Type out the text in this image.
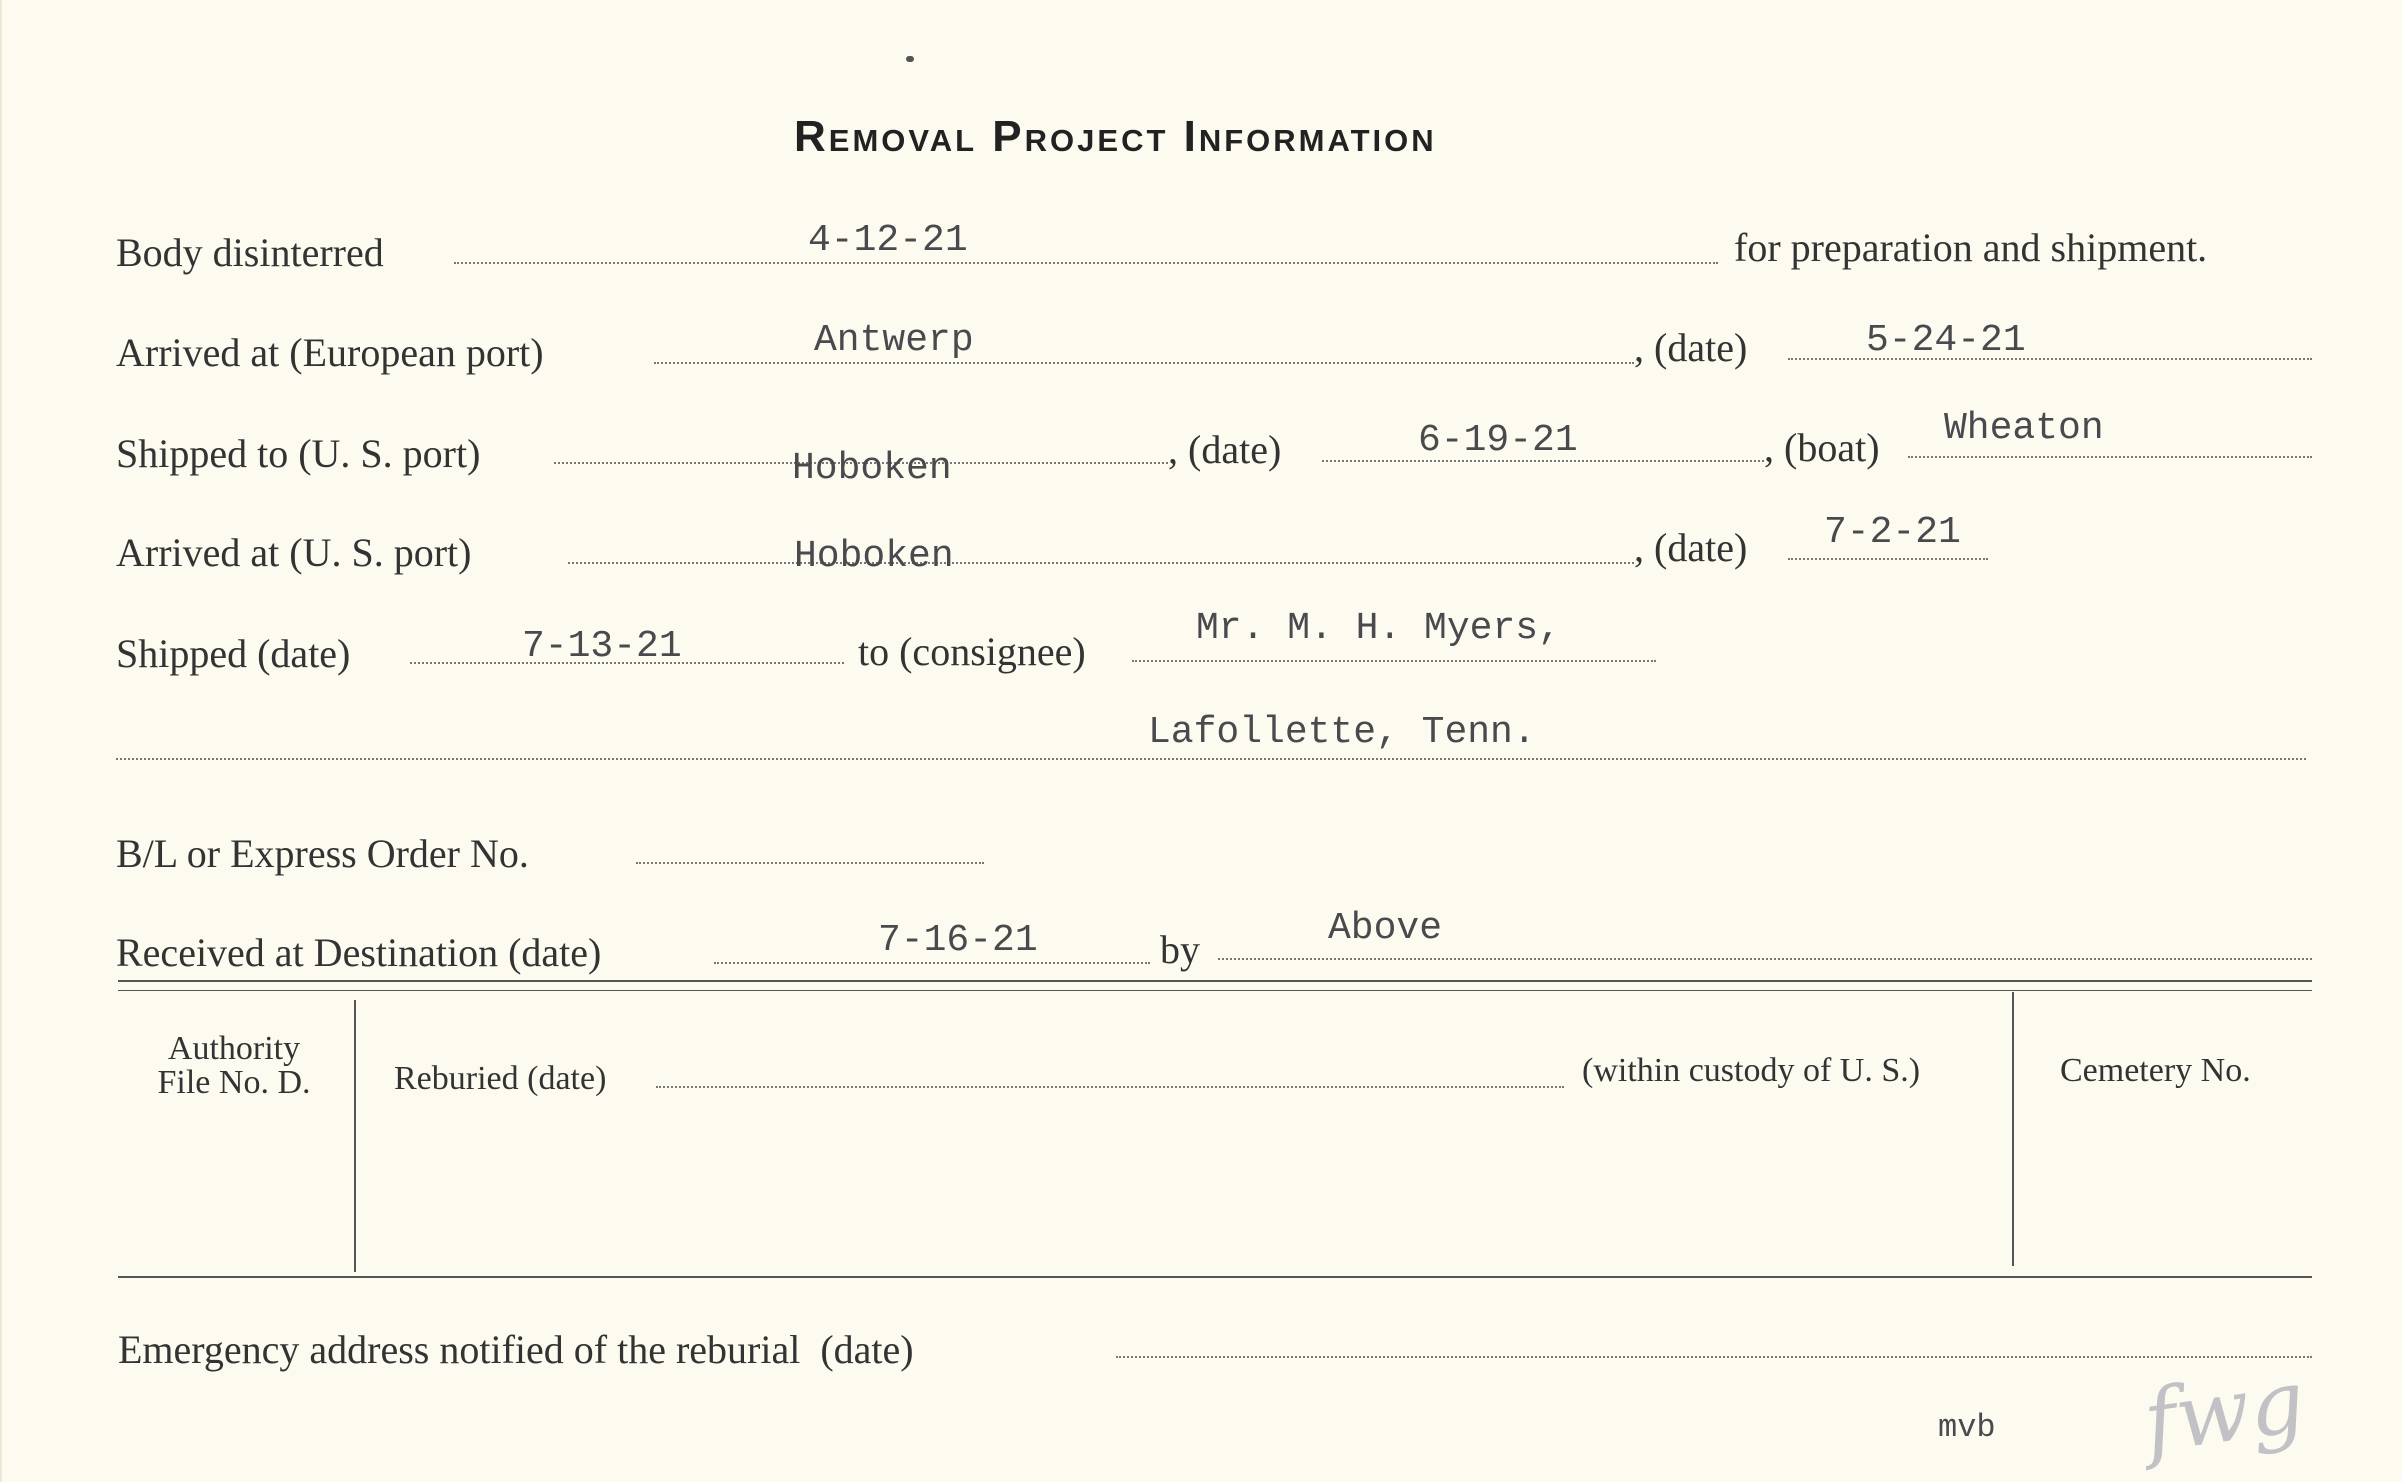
Removal Project Information
Body disinterred	4-12-21	for preparation and shipment.
Arrived at (European port)	Antwerp	, (date)	5-24-21
Shipped to (U. S. port)	Hoboken	, (date)	6-19-21	, (boat) Wheaton
Arrived at (U. S. port)	Hoboken	, (date) 7-2-21
Shipped (date)	7-13-21	to (consignee)
Mr. M. H. Myers,
Lafollette, Tenn.
B/L or Express Order No.
Received at Destination (date)	7-16-21	by	Above
Authority
File No. D.	Reburied (date)	(within custody of U. S.)	Cemetery No.
Emergency address notified of the reburial  (date)
mvb fwg
